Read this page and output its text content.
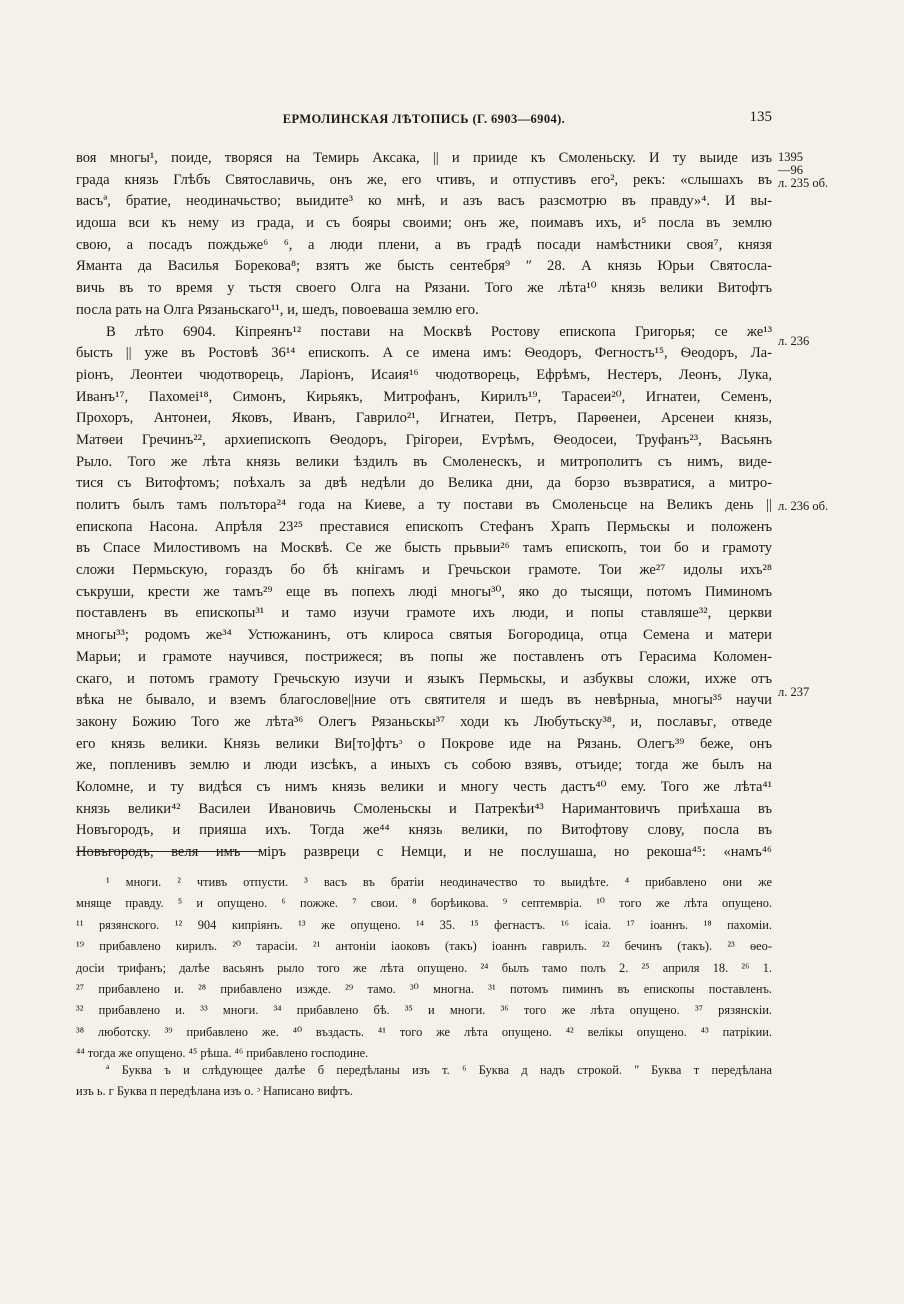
ЕРМОЛИНСКАЯ ЛѢТОПИСЬ (Г. 6903—6904).	135
воя многы¹, поиде, творяся на Темирь Аксака, || и прииде къ Смоленьску. И ту выиде изъ
града князь Глѣбъ Святославичь, онъ же, его чтивъ, и отпустивъ его², рекъ: «слышахъ въ
васъª, братие, неодиначьство; выидите³ ко мнѣ, и азъ васъ разсмотрю въ правду»⁴. И вы-
идоша вси къ нему из града, и съ бояры своими; онъ же, поимавъ ихъ, и⁵ посла въ землю
свою, а посадъ пождьже⁶ ⁶, а люди плени, а въ градѣ посади намѣстники своя⁷, князя
Яманта да Василья Борекова⁸; взятъ же бысть сентебря⁹ ʺ 28. А князь Юрьи Святосла-
вичь въ то время у тьстя своего Олга на Рязани. Того же лѣта¹⁰ князь велики Витофтъ
посла рать на Олга Рязаньскаго¹¹, и, шедъ, повоеваша землю его.
В лѣто 6904. Кіпреянъ¹² постави на Москвѣ Ростову епископа Григорья; се же¹³
бысть || уже въ Ростовѣ 36¹⁴ епископъ. А се имена имъ: Ѳеодоръ, Фегностъ¹⁵, Ѳеодоръ, Ла-
ріонъ, Леонтеи чюдотворець, Ларіонъ, Исаия¹⁶ чюдотворець, Ефрѣмъ, Нестеръ, Леонъ, Лука,
Иванъ¹⁷, Пахомеі¹⁸, Симонъ, Кирьякъ, Митрофанъ, Кирилъ¹⁹, Тарасеи²⁰, Игнатеи, Семенъ,
Прохоръ, Антонеи, Яковъ, Иванъ, Гаврило²¹, Игнатеи, Петръ, Парѳенеи, Арсенеи князь,
Матѳеи Гречинъ²², архиепископъ Ѳеодоръ, Грігореи, Еѵрѣмъ, Ѳеодосеи, Труфанъ²³, Васьянъ
Рыло. Того же лѣта князь велики ѣздилъ въ Смоленескъ, и митрополитъ съ нимъ, виде-
тися съ Витофтомъ; поѣхалъ за двѣ недѣли до Велика дни, да борзо възвратися, а митро-
политъ былъ тамъ полътора²⁴ года на Киеве, а ту постави въ Смоленьсце на Великъ день ||
епископа Насона. Апрѣля 23²⁵ преставися епископъ Стефанъ Храпъ Пермьскы и положенъ
въ Спасе Милостивомъ на Москвѣ. Се же бысть прьвыи²⁶ тамъ епископъ, тои бо и грамоту
сложи Пермьскую, гораздъ бо бѣ кнігамъ и Гречьскои грамоте. Тои же²⁷ идолы ихъ²⁸
съкруши, крести же тамъ²⁹ еще въ попехъ люді многы³⁰, яко до тысящи, потомъ Пиминомъ
поставленъ въ епископы³¹ и тамо изучи грамоте ихъ люди, и попы ставляше³², церкви
многы³³; родомъ же³⁴ Устюжанинъ, отъ клироса святыя Богородица, отца Семена и матери
Марьи; и грамоте научився, пострижеся; въ попы же поставленъ отъ Герасима Коломен-
скаго, и потомъ грамоту Гречьскую изучи и языкъ Пермьскы, и азбуквы сложи, ихже отъ
вѣка не бывало, и вземъ благослове||ние отъ святителя и шедъ въ невѣрныа, многы³⁵ научи
закону Божию Того же лѣта³⁶ Олегъ Рязаньскы³⁷ ходи къ Любутьску³⁸, и, пославъᴦ, отведе
его князь велики. Князь велики Ви[то]фтъᵓ о Покрове иде на Рязань. Олегъ³⁹ беже, онъ
же, попленивъ землю и люди изсѣкъ, а иныхъ съ собою взявъ, отъиде; тогда же былъ на
Коломне, и ту видѣся съ нимъ князь велики и многу честь дастъ⁴⁰ ему. Того же лѣта⁴¹
князь велики⁴² Василеи Ивановичь Смоленьскы и Патрекѣи⁴³ Наримантовичъ приѣхаша въ
Новъгородъ, и прияша ихъ. Тогда же⁴⁴ князь велики, по Витофтову слову, посла въ
Новъгородъ, веля имъ міръ развреци с Немци, и не послушаша, но рекоша⁴⁵: «намъ⁴⁶
1395
—96
л. 235 об.
л. 236
л. 236 об.
л. 237
¹ многи. ² чтивъ отпусти. ³ васъ въ братіи неодиначество то выидѣте. ⁴ прибавлено они же
мняще правду. ⁵ и опущено. ⁶ пожже. ⁷ свои. ⁸ борѣикова. ⁹ септемвріа. ¹⁰ того же лѣта опущено.
¹¹ рязянского. ¹² 904 кипріянъ. ¹³ же опущено. ¹⁴ 35. ¹⁵ фегнастъ. ¹⁶ ісаіа. ¹⁷ іоаннъ. ¹⁸ пахоміи.
¹⁹ прибавлено кирилъ. ²⁰ тарасіи. ²¹ антоніи іаоковъ (такъ) іоаннъ гаврилъ. ²² бечинъ (такъ). ²³ ѳео-
досіи трифанъ; далѣе васьянъ рыло того же лѣта опущено. ²⁴ былъ тамо полъ 2. ²⁵ априля 18. ²⁶ 1.
²⁷ прибавлено и. ²⁸ прибавлено изжде. ²⁹ тамо. ³⁰ многна. ³¹ потомъ пиминъ въ епископы поставленъ.
³² прибавлено и. ³³ многи. ³⁴ прибавлено бѣ. ³⁵ и многи. ³⁶ того же лѣта опущено. ³⁷ рязянскіи.
³⁸ люботску. ³⁹ прибавлено же. ⁴⁰ въздасть. ⁴¹ того же лѣта опущено. ⁴² велікы опущено. ⁴³ патрікии.
⁴⁴ тогда же опущено. ⁴⁵ рѣша. ⁴⁶ прибавлено господине.
ª Буква ъ и слѣдующее далѣе б передѣланы изъ т. ⁶ Буква д надъ строкой. ʺ Буква т передѣлана
изъ ь. ᴦ Буква п передѣлана изъ о. ᵓ Написано вифтъ.
